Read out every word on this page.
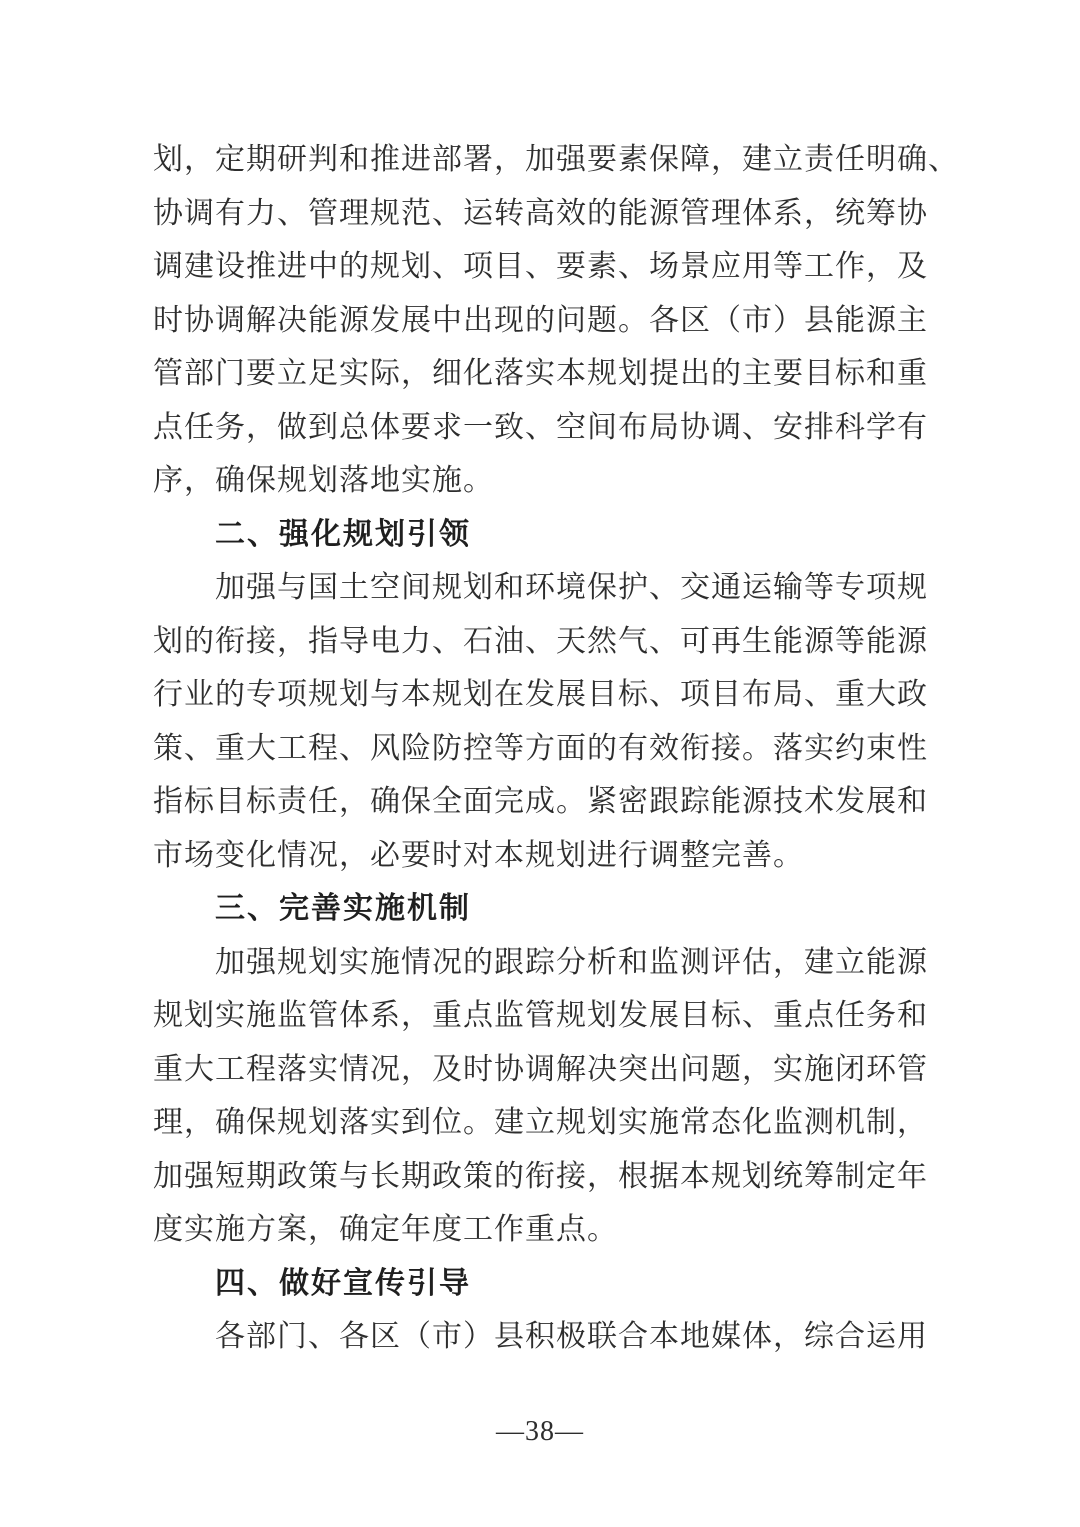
划，定期研判和推进部署，加强要素保障，建立责任明确、
协调有力、管理规范、运转高效的能源管理体系，统筹协
调建设推进中的规划、项目、要素、场景应用等工作，及
时协调解决能源发展中出现的问题。各区（市）县能源主
管部门要立足实际，细化落实本规划提出的主要目标和重
点任务，做到总体要求一致、空间布局协调、安排科学有
序，确保规划落地实施。
二、强化规划引领
加强与国土空间规划和环境保护、交通运输等专项规
划的衔接，指导电力、石油、天然气、可再生能源等能源
行业的专项规划与本规划在发展目标、项目布局、重大政
策、重大工程、风险防控等方面的有效衔接。落实约束性
指标目标责任，确保全面完成。紧密跟踪能源技术发展和
市场变化情况，必要时对本规划进行调整完善。
三、完善实施机制
加强规划实施情况的跟踪分析和监测评估，建立能源
规划实施监管体系，重点监管规划发展目标、重点任务和
重大工程落实情况，及时协调解决突出问题，实施闭环管
理，确保规划落实到位。建立规划实施常态化监测机制，
加强短期政策与长期政策的衔接，根据本规划统筹制定年
度实施方案，确定年度工作重点。
四、做好宣传引导
各部门、各区（市）县积极联合本地媒体，综合运用
—38—
